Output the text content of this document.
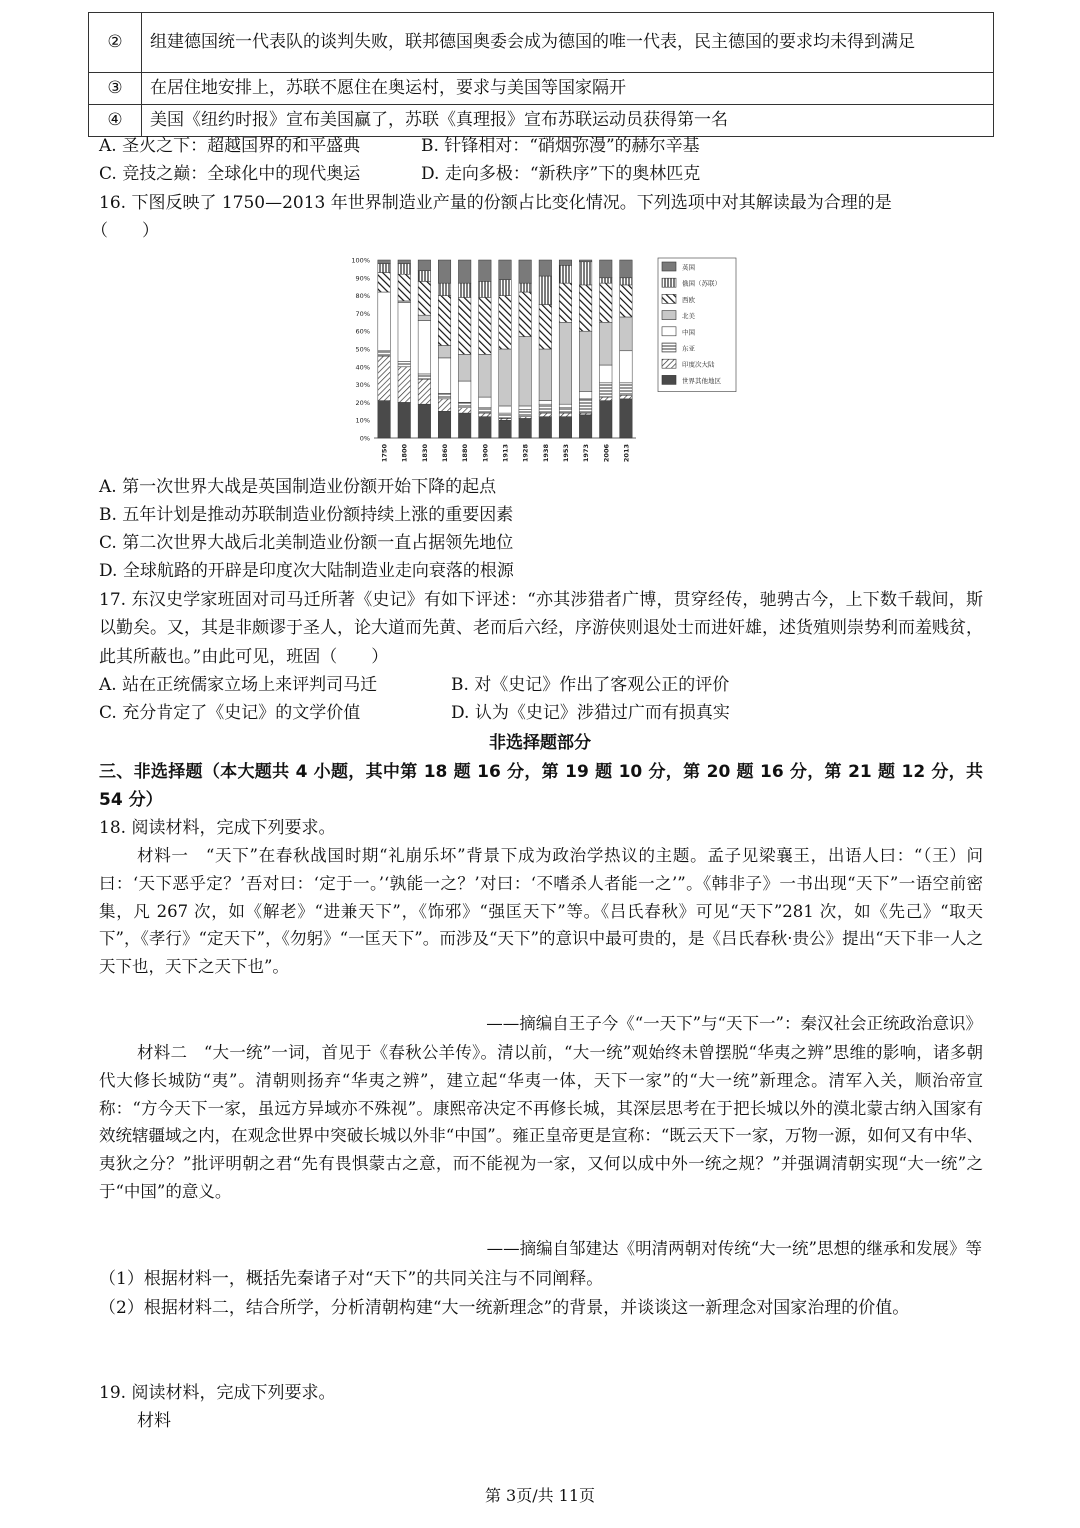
②	组建德国统一代表队的谈判失败，联邦德国奥委会成为德国的唯一代表，民主德国的要求均未得到满足
③	在居住地安排上，苏联不愿住在奥运村，要求与美国等国家隔开
④	美国《纽约时报》宣布美国赢了，苏联《真理报》宣布苏联运动员获得第一名
A. 圣火之下：超越国界的和平盛典	B. 针锋相对：“硝烟弥漫”的赫尔辛基
C. 竞技之巅：全球化中的现代奥运	D. 走向多极：“新秩序”下的奥林匹克
16. 下图反映了 1750—2013 年世界制造业产量的份额占比变化情况。下列选项中对其解读最为合理的是
（　　）
0%
10%
20%
30%
40%
50%
60%
70%
80%
90%
100%
1750 1800 1830 1860 1880 1900 1913 1928 1938 1953 1973 2006 2013
英国
俄国（苏联）
西欧
北美
中国
东亚
印度次大陆
世界其他地区
A. 第一次世界大战是英国制造业份额开始下降的起点
B. 五年计划是推动苏联制造业份额持续上涨的重要因素
C. 第二次世界大战后北美制造业份额一直占据领先地位
D. 全球航路的开辟是印度次大陆制造业走向衰落的根源
17. 东汉史学家班固对司马迁所著《史记》有如下评述：“亦其涉猎者广博，贯穿经传，驰骋古今，上下数千载间，斯以勤矣。又，其是非颇谬于圣人，论大道而先黄、老而后六经，序游侠则退处士而进奸雄，述货殖则崇势利而羞贱贫，此其所蔽也。”由此可见，班固（　　）
A. 站在正统儒家立场上来评判司马迁	B. 对《史记》作出了客观公正的评价
C. 充分肯定了《史记》的文学价值	D. 认为《史记》涉猎过广而有损真实
非选择题部分
三、非选择题（本大题共 4 小题，其中第 18 题 16 分，第 19 题 10 分，第 20 题 16 分，第 21 题 12 分，共 54 分）
18. 阅读材料，完成下列要求。
材料一　“天下”在春秋战国时期“礼崩乐坏”背景下成为政治学热议的主题。孟子见梁襄王，出语人曰：“（王）问曰：‘天下恶乎定？’吾对曰：‘定于一。’‘孰能一之？’对曰：‘不嗜杀人者能一之’”。《韩非子》一书出现“天下”一语空前密集，凡 267 次，如《解老》“进兼天下”，《饰邪》“强匡天下”等。《吕氏春秋》可见“天下”281 次，如《先己》“取天下”，《孝行》“定天下”，《勿躬》“一匡天下”。而涉及“天下”的意识中最可贵的，是《吕氏春秋·贵公》提出“天下非一人之天下也，天下之天下也”。
——摘编自王子今《“一天下”与“天下一”：秦汉社会正统政治意识》
材料二　“大一统”一词，首见于《春秋公羊传》。清以前，“大一统”观始终未曾摆脱“华夷之辨”思维的影响，诸多朝代大修长城防“夷”。清朝则扬弃“华夷之辨”，建立起“华夷一体，天下一家”的“大一统”新理念。清军入关，顺治帝宣称：“方今天下一家，虽远方异域亦不殊视”。康熙帝决定不再修长城，其深层思考在于把长城以外的漠北蒙古纳入国家有效统辖疆域之内，在观念世界中突破长城以外非“中国”。雍正皇帝更是宣称：“既云天下一家，万物一源，如何又有中华、夷狄之分？”批评明朝之君“先有畏惧蒙古之意，而不能视为一家，又何以成中外一统之规？”并强调清朝实现“大一统”之于“中国”的意义。
——摘编自邹建达《明清两朝对传统“大一统”思想的继承和发展》等
（1）根据材料一，概括先秦诸子对“天下”的共同关注与不同阐释。
（2）根据材料二，结合所学，分析清朝构建“大一统新理念”的背景，并谈谈这一新理念对国家治理的价值。
19. 阅读材料，完成下列要求。
材料
第 3页/共 11页
